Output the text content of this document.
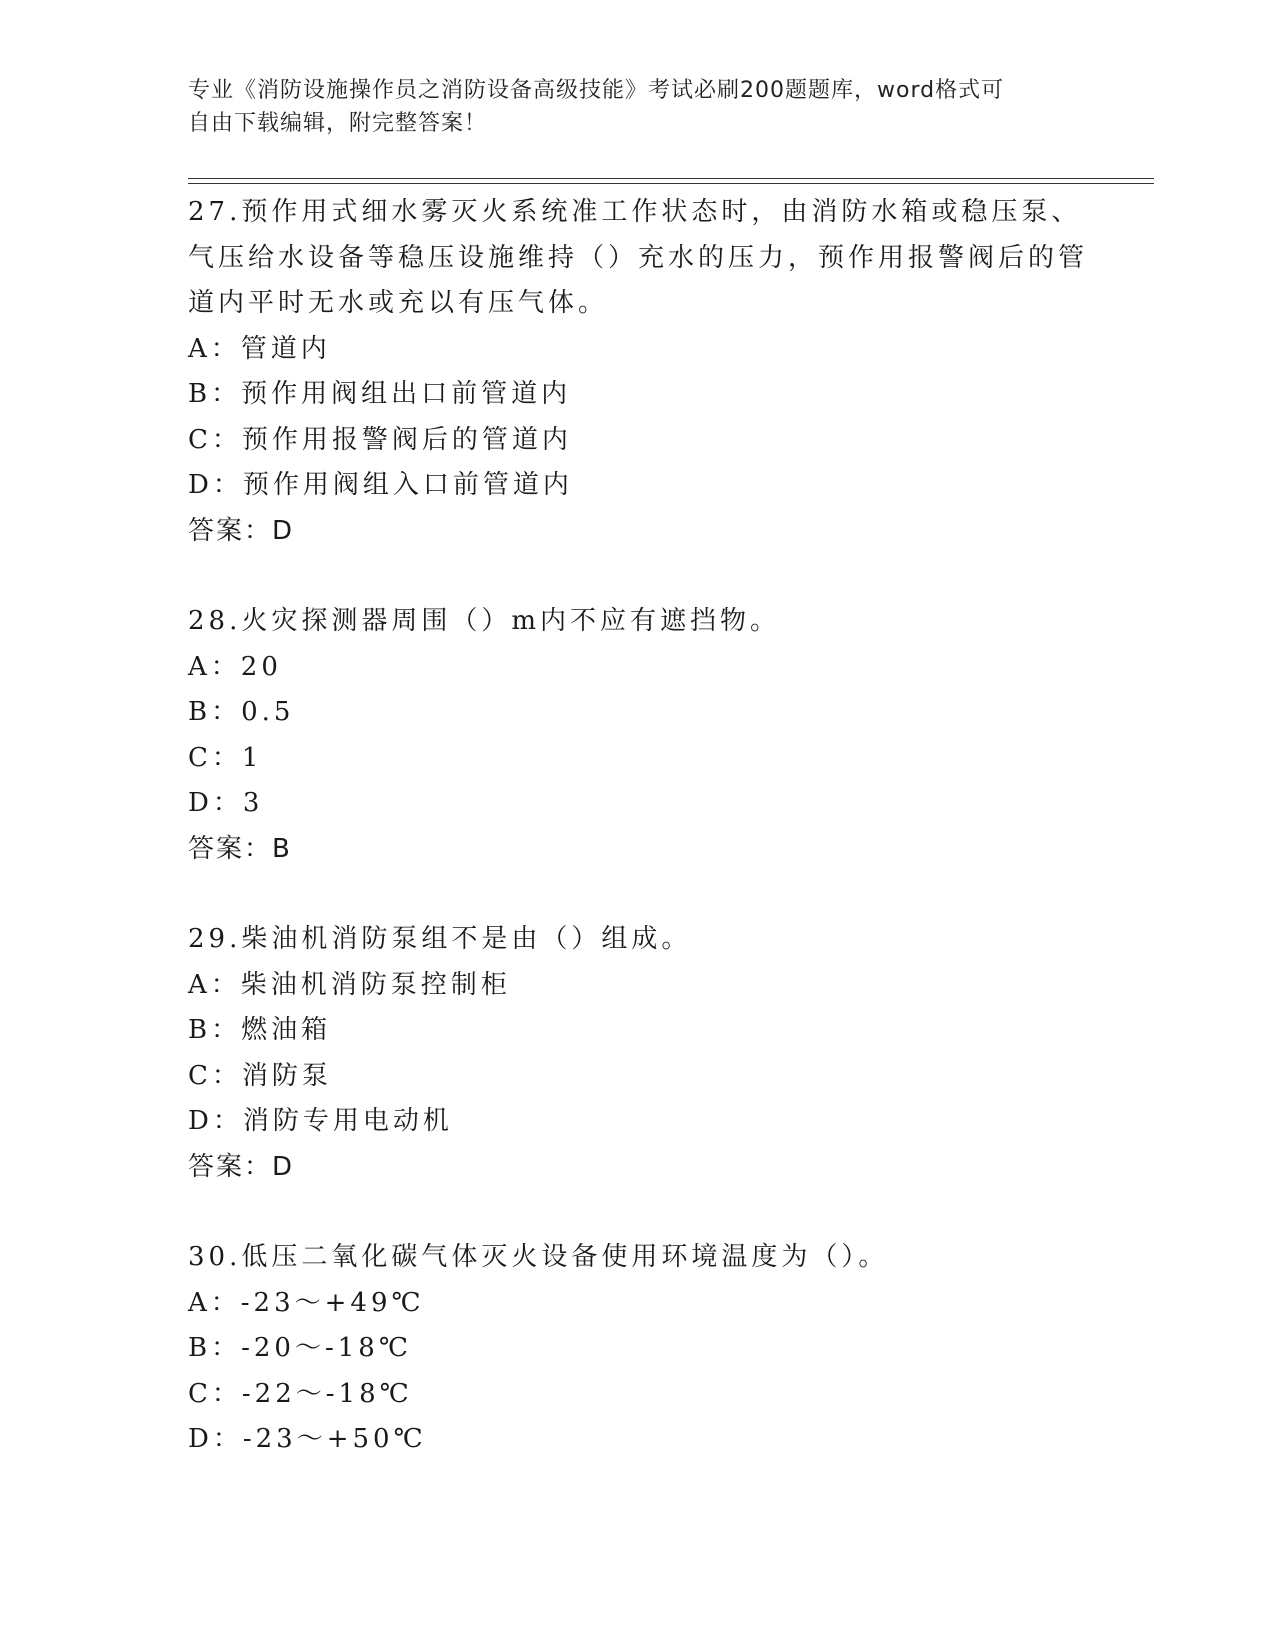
专业《消防设施操作员之消防设备高级技能》考试必刷200题题库，word格式可
自由下载编辑，附完整答案！
27.预作用式细水雾灭火系统准工作状态时，由消防水箱或稳压泵、气压给水设备等稳压设施维持（）充水的压力，预作用报警阀后的管道内平时无水或充以有压气体。
A：管道内
B：预作用阀组出口前管道内
C：预作用报警阀后的管道内
D：预作用阀组入口前管道内
答案：D
28.火灾探测器周围（）m内不应有遮挡物。
A：20
B：0.5
C：1
D：3
答案：B
29.柴油机消防泵组不是由（）组成。
A：柴油机消防泵控制柜
B：燃油箱
C：消防泵
D：消防专用电动机
答案：D
30.低压二氧化碳气体灭火设备使用环境温度为（）。
A：-23～+49℃
B：-20～-18℃
C：-22～-18℃
D：-23～+50℃
